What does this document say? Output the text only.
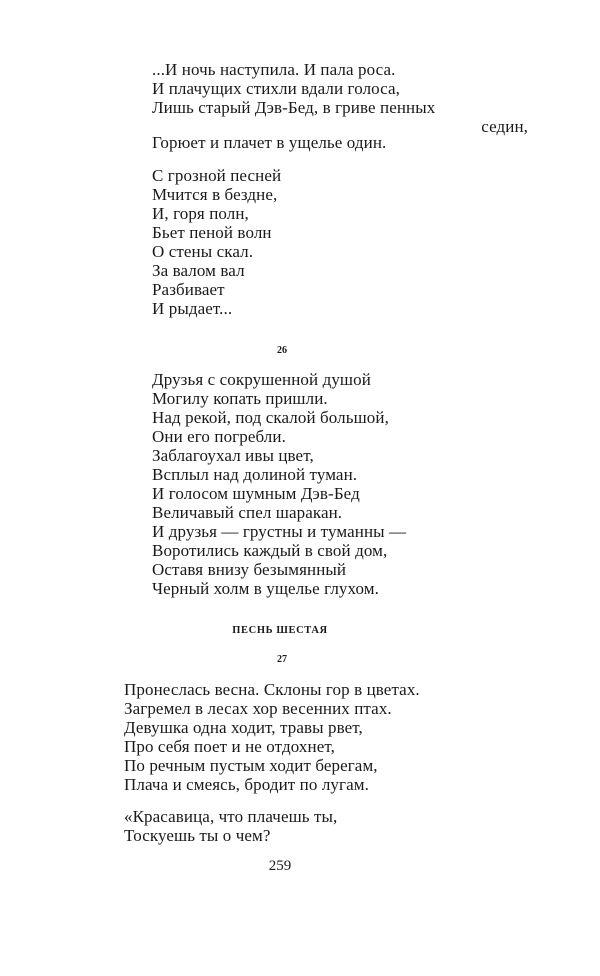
...И ночь наступила. И пала роса.
И плачущих стихли вдали голоса,
Лишь старый Дэв-Бед, в гриве пенных
седин,
Горюет и плачет в ущелье один.
С грозной песней
Мчится в бездне,
И, горя полн,
Бьет пеной волн
О стены скал.
За валом вал
Разбивает
И рыдает...
26
Друзья с сокрушенной душой
Могилу копать пришли.
Над рекой, под скалой большой,
Они его погребли.
Заблагоухал ивы цвет,
Всплыл над долиной туман.
И голосом шумным Дэв-Бед
Величавый спел шаракан.
И друзья — грустны и туманны —
Воротились каждый в свой дом,
Оставя внизу безымянный
Черный холм в ущелье глухом.
ПЕСНЬ ШЕСТАЯ
27
Пронеслась весна. Склоны гор в цветах.
Загремел в лесах хор весенних птах.
Девушка одна ходит, травы рвет,
Про себя поет и не отдохнет,
По речным пустым ходит берегам,
Плача и смеясь, бродит по лугам.
«Красавица, что плачешь ты,
Тоскуешь ты о чем?
259
